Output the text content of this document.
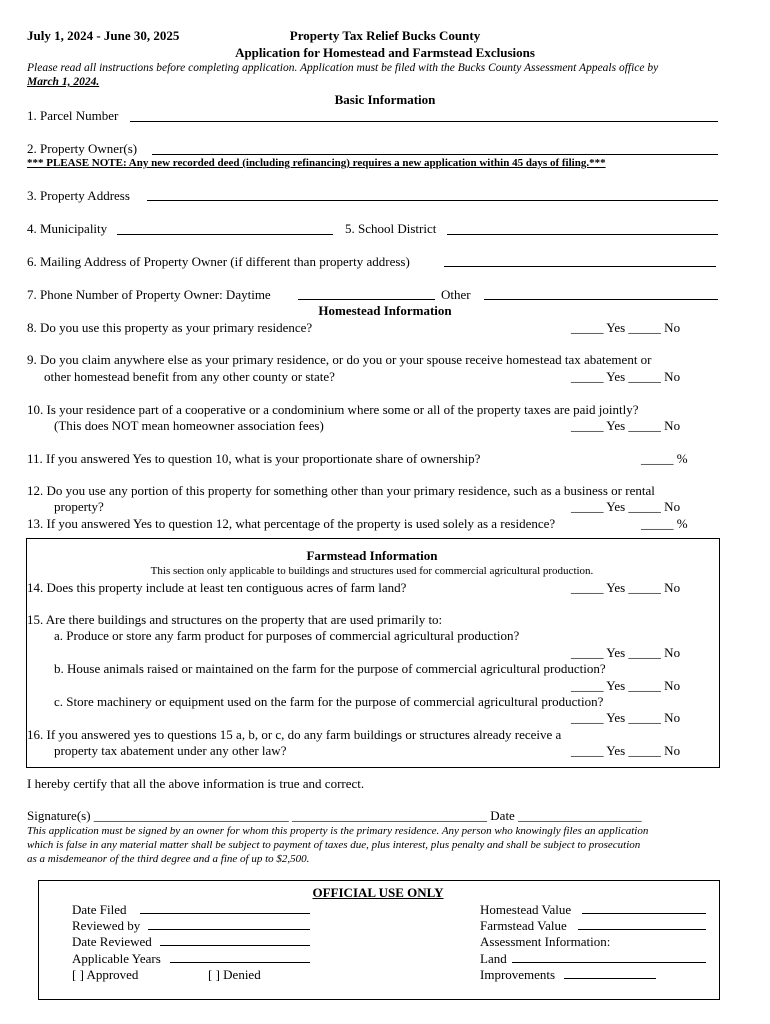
July 1, 2024 - June 30, 2025	Property Tax Relief Bucks County
Application for Homestead and Farmstead Exclusions
Please read all instructions before completing application. Application must be filed with the Bucks County Assessment Appeals office by
March 1, 2024.
Basic Information
1. Parcel Number
2. Property Owner(s)
*** PLEASE NOTE: Any new recorded deed (including refinancing) requires a new application within 45 days of filing.***
3. Property Address
4. Municipality	5. School District
6. Mailing Address of Property Owner (if different than property address)
7. Phone Number of Property Owner: Daytime	Other
Homestead Information
8. Do you use this property as your primary residence?	_____ Yes _____ No
9. Do you claim anywhere else as your primary residence, or do you or your spouse receive homestead tax abatement or
other homestead benefit from any other county or state?	_____ Yes _____ No
10. Is your residence part of a cooperative or a condominium where some or all of the property taxes are paid jointly?
(This does NOT mean homeowner association fees)	_____ Yes _____ No
11. If you answered Yes to question 10, what is your proportionate share of ownership?	_____ %
12. Do you use any portion of this property for something other than your primary residence, such as a business or rental
property?	_____ Yes _____ No
13. If you answered Yes to question 12, what percentage of the property is used solely as a residence?	_____ %
Farmstead Information
This section only applicable to buildings and structures used for commercial agricultural production.
14. Does this property include at least ten contiguous acres of farm land?	_____ Yes _____ No
15. Are there buildings and structures on the property that are used primarily to:
a. Produce or store any farm product for purposes of commercial agricultural production?
_____ Yes _____ No
b. House animals raised or maintained on the farm for the purpose of commercial agricultural production?
_____ Yes _____ No
c. Store machinery or equipment used on the farm for the purpose of commercial agricultural production?
_____ Yes _____ No
16. If you answered yes to questions 15 a, b, or c, do any farm buildings or structures already receive a
property tax abatement under any other law?	_____ Yes _____ No
I hereby certify that all the above information is true and correct.
Signature(s) ______________________________ ______________________________ Date ___________________
This application must be signed by an owner for whom this property is the primary residence. Any person who knowingly files an application
which is false in any material matter shall be subject to payment of taxes due, plus interest, plus penalty and shall be subject to prosecution
as a misdemeanor of the third degree and a fine of up to $2,500.
OFFICIAL USE ONLY
Date Filed
Reviewed by
Date Reviewed
Applicable Years
[ ] Approved	[ ] Denied
Homestead Value
Farmstead Value
Assessment Information:
Land
Improvements
